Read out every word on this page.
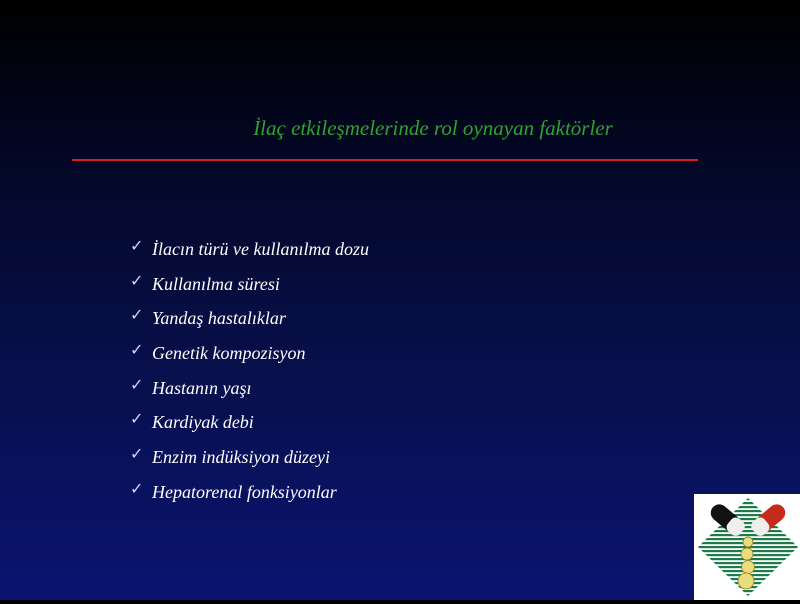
İlaç etkileşmelerinde rol oynayan faktörler
✓ İlacın türü ve kullanılma dozu
✓ Kullanılma süresi
✓ Yandaş hastalıklar
✓ Genetik kompozisyon
✓ Hastanın yaşı
✓ Kardiyak debi
✓ Enzim indüksiyon düzeyi
✓ Hepatorenal fonksiyonlar
